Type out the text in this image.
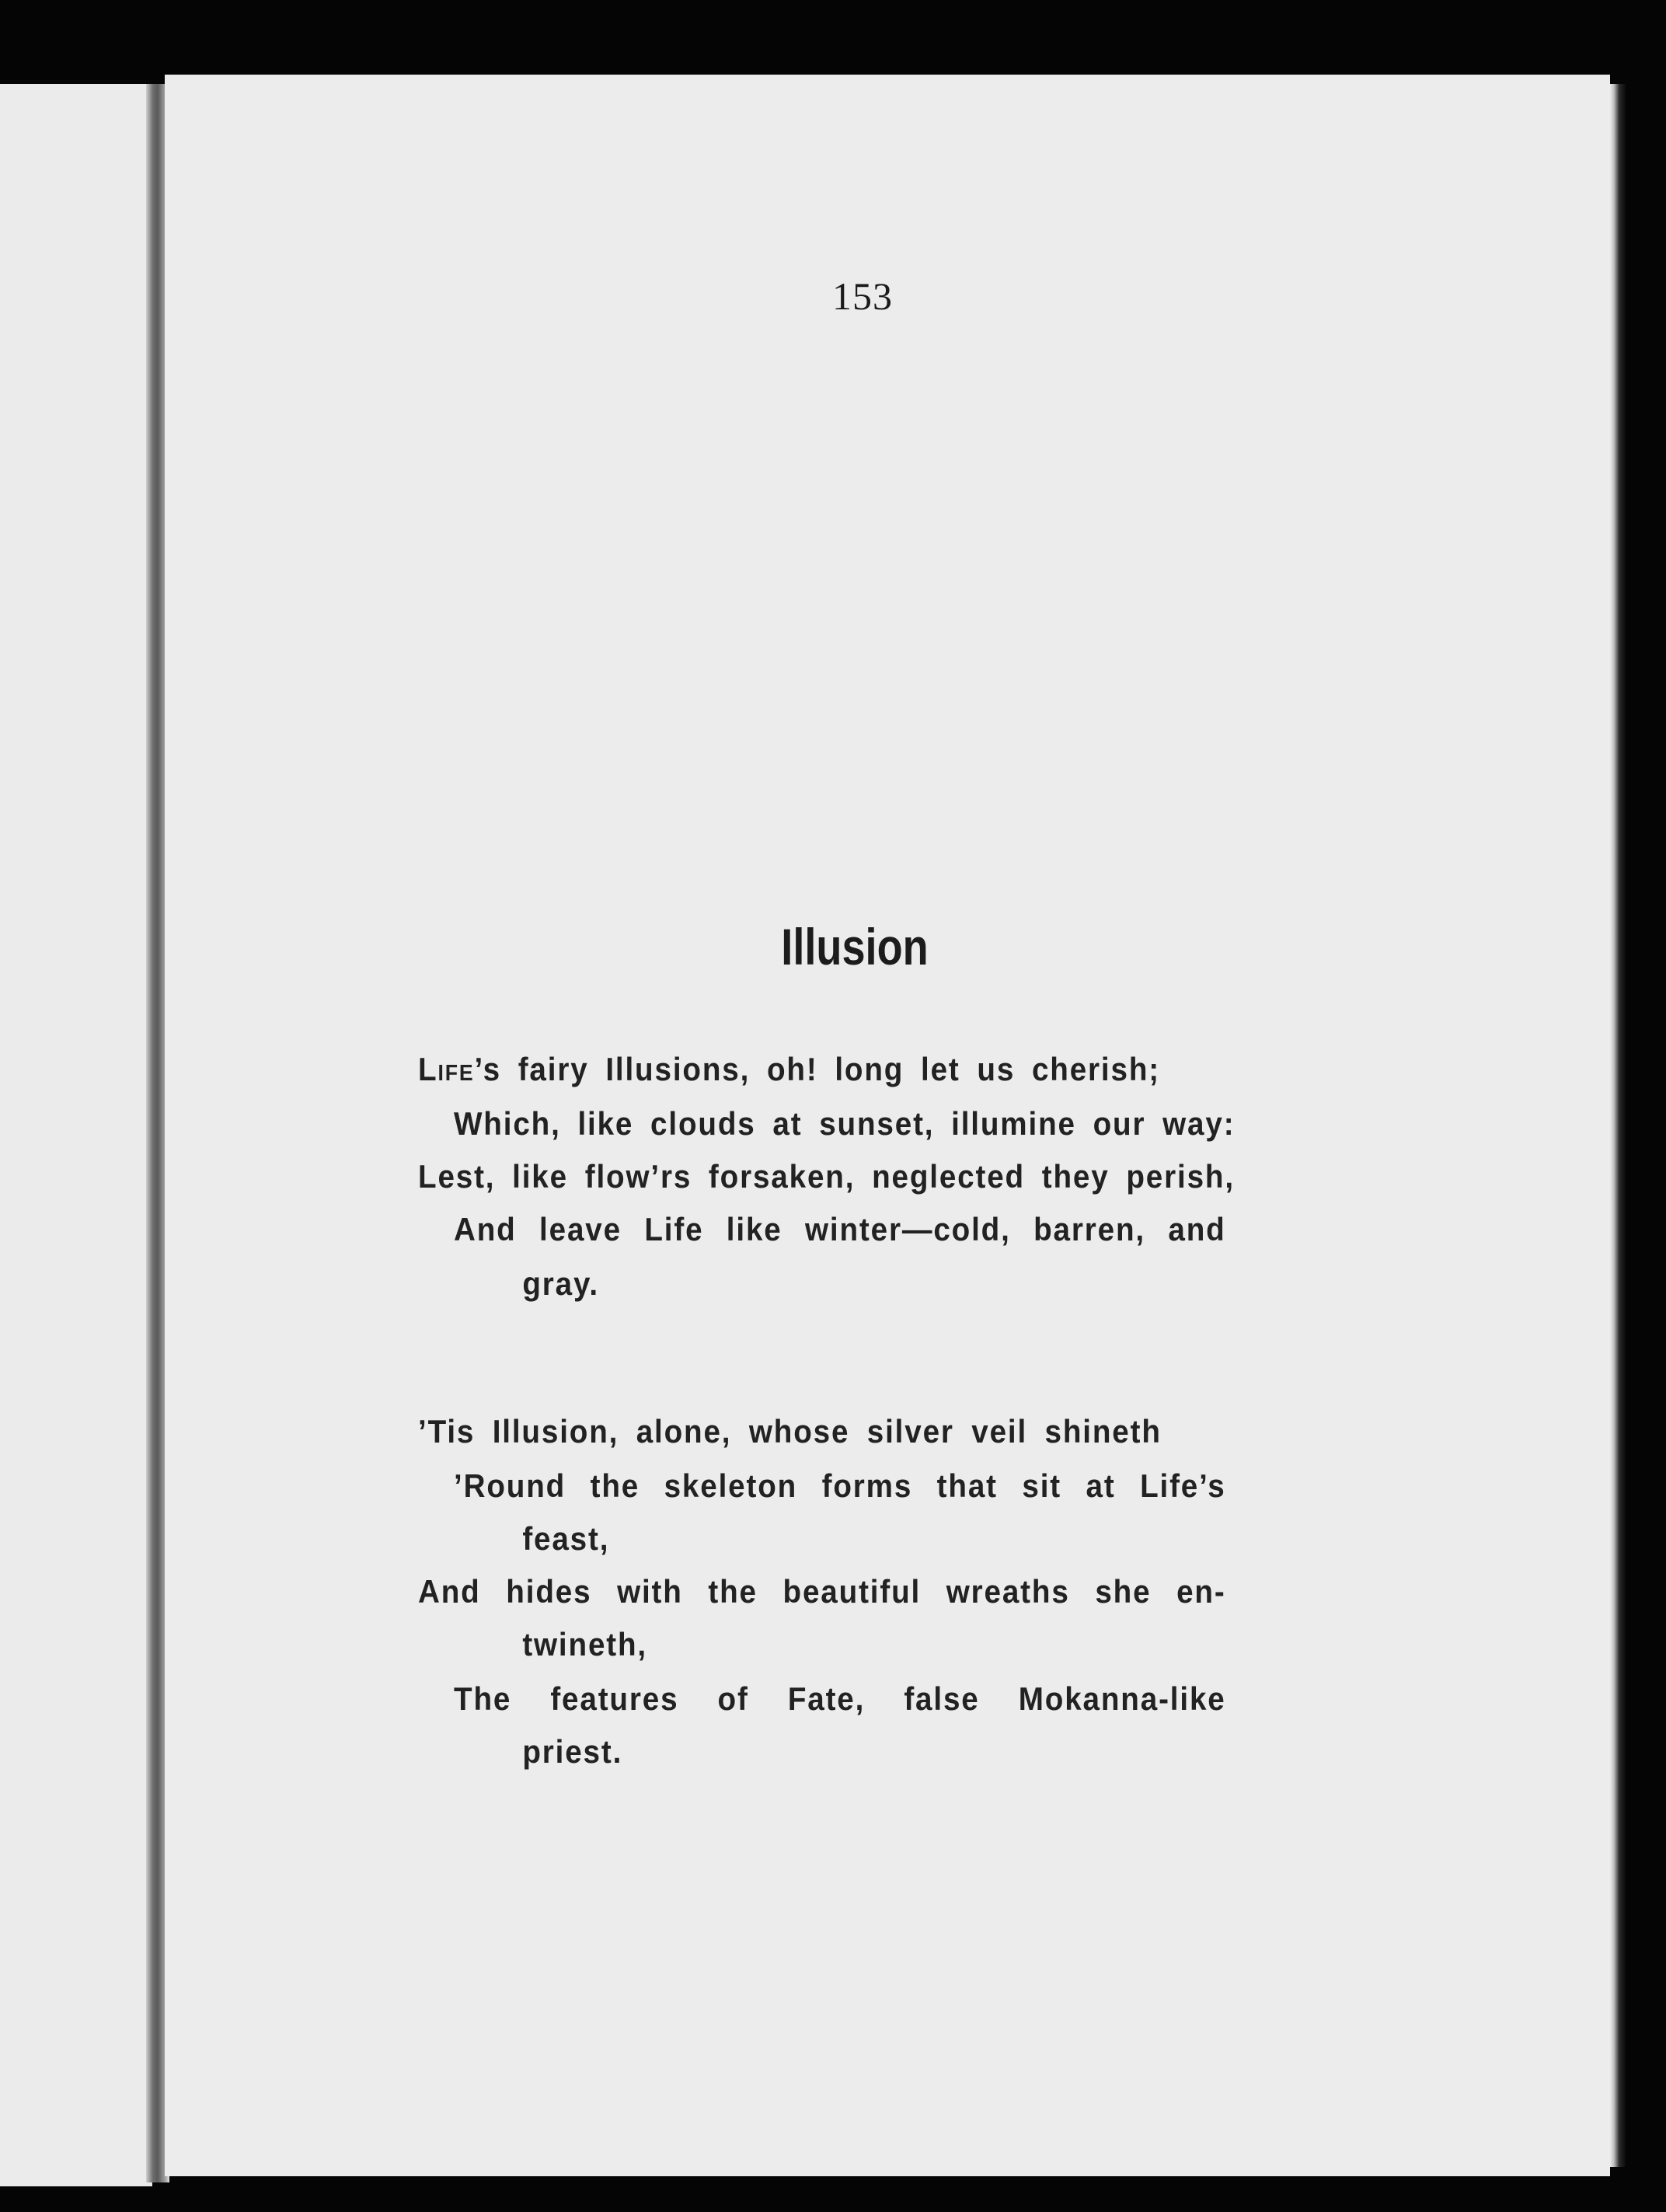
153
Illusion
Life’s fairy Illusions, oh! long let us cherish;
Which, like clouds at sunset, illumine our way:
Lest, like flow’rs forsaken, neglected they perish,
And leave Life like winter—cold, barren, and
gray.
’Tis Illusion, alone, whose silver veil shineth
’Round the skeleton forms that sit at Life’s
feast,
And hides with the beautiful wreaths she en-
twineth,
The features of Fate, false Mokanna-like
priest.
